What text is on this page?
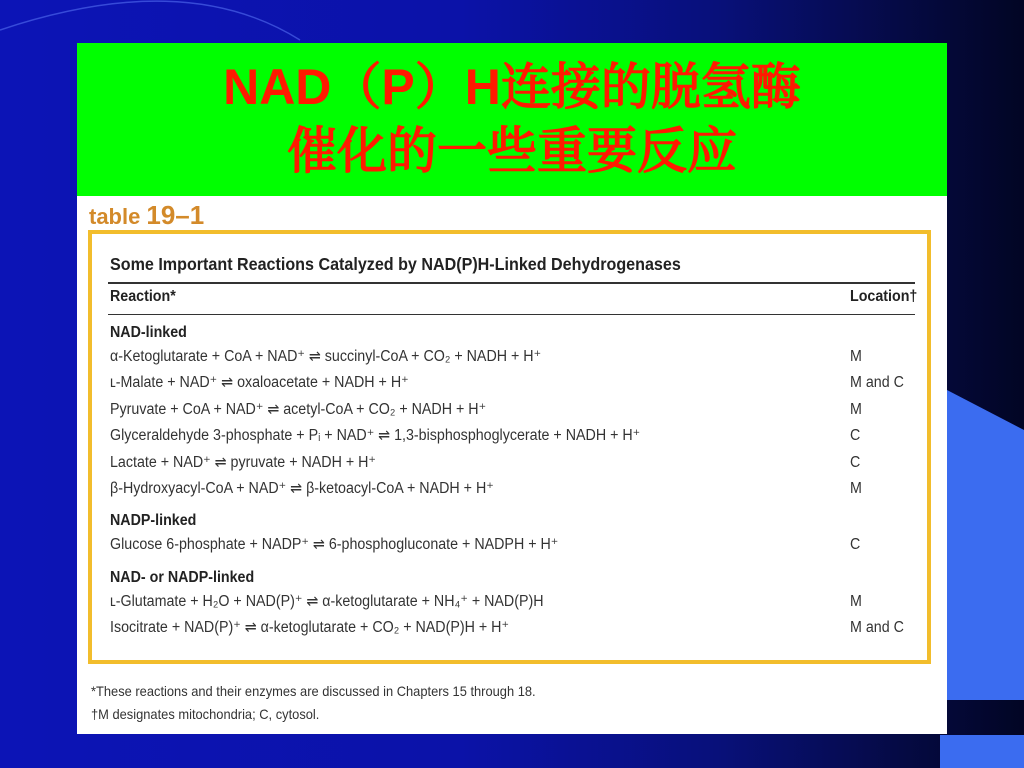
NAD（P）H连接的脱氢酶
催化的一些重要反应
table 19–1
Some Important Reactions Catalyzed by NAD(P)H-Linked Dehydrogenases
Reaction*	Location†
NAD-linked
α-Ketoglutarate + CoA + NAD⁺ ⇌ succinyl-CoA + CO₂ + NADH + H⁺	M
ʟ-Malate + NAD⁺ ⇌ oxaloacetate + NADH + H⁺	M and C
Pyruvate + CoA + NAD⁺ ⇌ acetyl-CoA + CO₂ + NADH + H⁺	M
Glyceraldehyde 3-phosphate + Pᵢ + NAD⁺ ⇌ 1,3-bisphosphoglycerate + NADH + H⁺	C
Lactate + NAD⁺ ⇌ pyruvate + NADH + H⁺	C
β-Hydroxyacyl-CoA + NAD⁺ ⇌ β-ketoacyl-CoA + NADH + H⁺	M
NADP-linked
Glucose 6-phosphate + NADP⁺ ⇌ 6-phosphogluconate + NADPH + H⁺	C
NAD- or NADP-linked
ʟ-Glutamate + H₂O + NAD(P)⁺ ⇌ α-ketoglutarate + NH₄⁺ + NAD(P)H	M
Isocitrate + NAD(P)⁺ ⇌ α-ketoglutarate + CO₂ + NAD(P)H + H⁺	M and C
*These reactions and their enzymes are discussed in Chapters 15 through 18.
†M designates mitochondria; C, cytosol.
